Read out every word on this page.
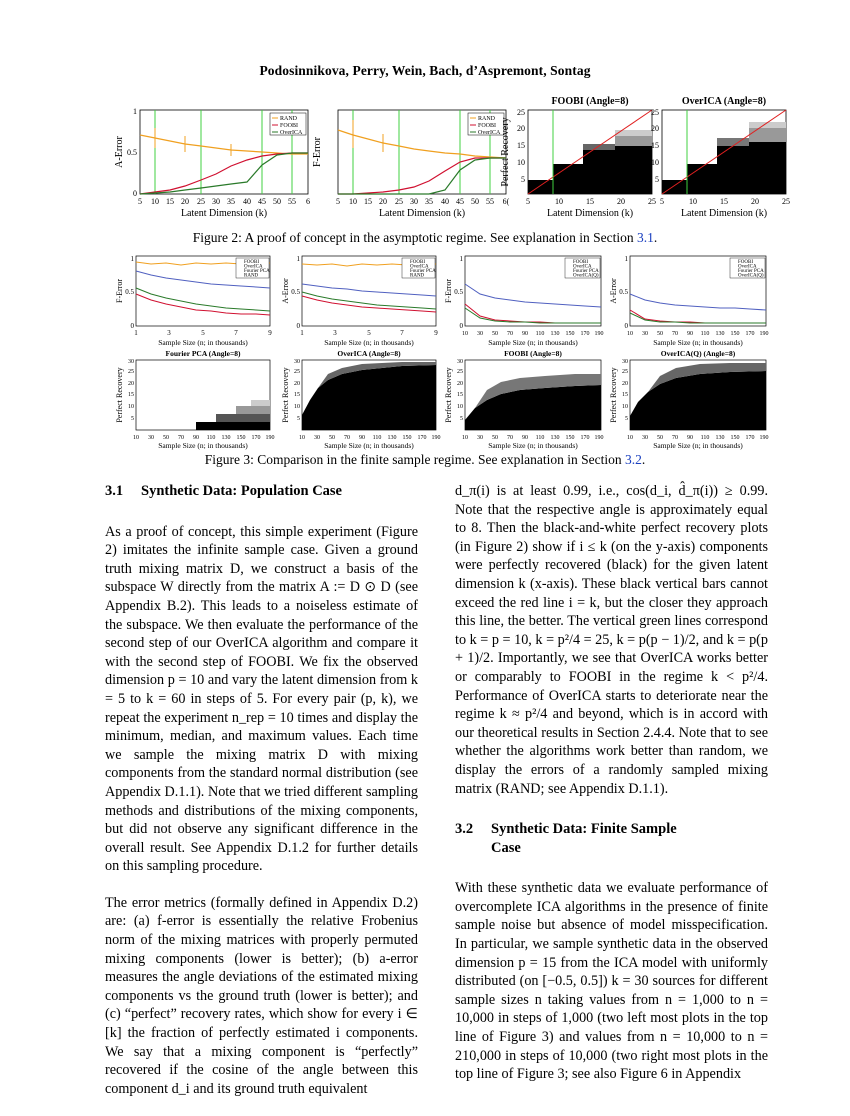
Podosinnikova, Perry, Wein, Bach, d’Aspremont, Sontag
RAND
FOOBI
OverICA
0
0.5
1
5 10 15 20 25 30 35 40 45 50 55 6
Latent Dimension (k)
A-Error
RAND
FOOBI
OverICA
5 10 15 20 25 30 35 40 45 50 55 6(
Latent Dimension (k)
F-Error
FOOBI (Angle=8)
5
10
15
20
25
5	10	15	20	25
Latent Dimension (k)
Perfect Recovery
OverICA (Angle=8)
5
10
15
20
25
5	10	15	20	25
Latent Dimension (k)
Figure 2: A proof of concept in the asymptotic regime. See explanation in Section 3.1.
FOOBI
OverICA
Fourier PCA
RAND
0
0.5
1
1	3	5	7	9
Sample Size (n; in thousands)
F-Error
FOOBI
OverICA
Fourier PCA
RAND
0
0.5
1
1	3	5	7	9
Sample Size (n; in thousands)
A-Error
FOOBI
OverICA
Fourier PCA
OverICA(Q)
0
0.5
1
10 30 50 70 90 110 130 150 170 190
Sample Size (n; in thousands)
F-Error
FOOBI
OverICA
Fourier PCA
OverICA(Q)
0
0.5
1
10 30 50 70 90 110 130 150 170 190
Sample Size (n; in thousands)
A-Error
Fourier PCA (Angle=8)
5
10
15
20
25
30
10 30 50 70 90 110 130 150 170 190
Sample Size (n; in thousands)
Perfect Recovery
OverICA (Angle=8)
5
10
15
20
25
30
10 30 50 70 90 110 130 150 170 190
Sample Size (n; in thousands)
Perfect Recovery
FOOBI (Angle=8)
5
10
15
20
25
30
10 30 50 70 90 110 130 150 170 190
Sample Size (n; in thousands)
Perfect Recovery
OverICA(Q) (Angle=8)
5
10
15
20
25
30
10 30 50 70 90 110 130 150 170 190
Sample Size (n; in thousands)
Perfect Recovery
Figure 3: Comparison in the finite sample regime. See explanation in Section 3.2.
3.1	Synthetic Data: Population Case

As a proof of concept, this simple experiment (Figure 2) imitates the infinite sample case. Given a ground truth mixing matrix D, we construct a basis of the subspace W directly from the matrix A := D ⊙ D (see Appendix B.2). This leads to a noiseless estimate of the subspace. We then evaluate the performance of the second step of our OverICA algorithm and compare it with the second step of FOOBI. We fix the observed dimension p = 10 and vary the latent dimension from k = 5 to k = 60 in steps of 5. For every pair (p, k), we repeat the experiment n_rep = 10 times and display the minimum, median, and maximum values. Each time we sample the mixing matrix D with mixing components from the standard normal distribution (see Appendix D.1.1). Note that we tried different sampling methods and distributions of the mixing components, but did not observe any significant difference in the overall result. See Appendix D.1.2 for further details on this sampling procedure.

The error metrics (formally defined in Appendix D.2) are: (a) f-error is essentially the relative Frobenius norm of the mixing matrices with properly permuted mixing components (lower is better); (b) a-error measures the angle deviations of the estimated mixing components vs the ground truth (lower is better); and (c) “perfect” recovery rates, which show for every i ∈ [k] the fraction of perfectly estimated i components. We say that a mixing component is “perfectly” recovered if the cosine of the angle between this component d_i and its ground truth equivalent

d_π(i) is at least 0.99, i.e., cos(d_i, d̂_π(i)) ≥ 0.99. Note that the respective angle is approximately equal to 8. Then the black-and-white perfect recovery plots (in Figure 2) show if i ≤ k (on the y-axis) components were perfectly recovered (black) for the given latent dimension k (x-axis). These black vertical bars cannot exceed the red line i = k, but the closer they approach this line, the better. The vertical green lines correspond to k = p = 10, k = p²/4 = 25, k = p(p − 1)/2, and k = p(p + 1)/2. Importantly, we see that OverICA works better or comparably to FOOBI in the regime k < p²/4. Performance of OverICA starts to deteriorate near the regime k ≈ p²/4 and beyond, which is in accord with our theoretical results in Section 2.4.4. Note that to see whether the algorithms work better than random, we display the errors of a randomly sampled mixing matrix (RAND; see Appendix D.1.1).

3.2	Synthetic Data: Finite Sample
Case

With these synthetic data we evaluate performance of overcomplete ICA algorithms in the presence of finite sample noise but absence of model misspecification. In particular, we sample synthetic data in the observed dimension p = 15 from the ICA model with uniformly distributed (on [−0.5, 0.5]) k = 30 sources for different sample sizes n taking values from n = 1,000 to n = 10,000 in steps of 1,000 (two left most plots in the top line of Figure 3) and values from n = 10,000 to n = 210,000 in steps of 10,000 (two right most plots in the top line of Figure 3; see also Figure 6 in Appendix
